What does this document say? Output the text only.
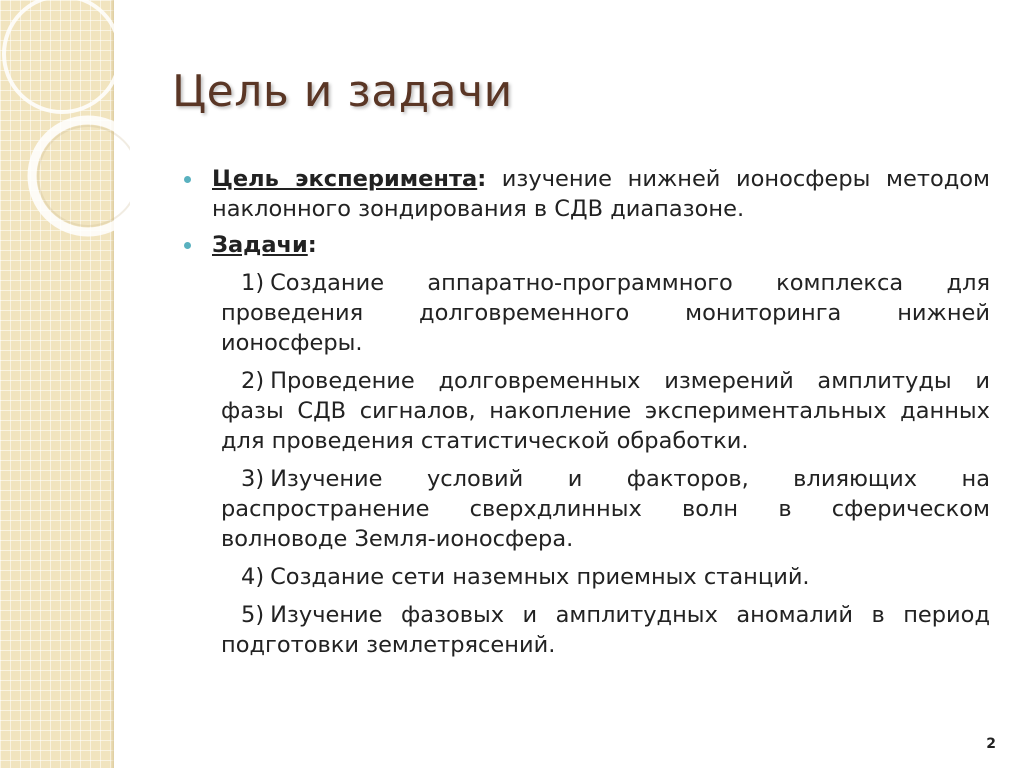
Цель и задачи
Цель эксперимента: изучение нижней ионосферы методом наклонного зондирования в СДВ диапазоне.
Задачи:

1) Создание аппаратно-программного комплекса для проведения долговременного мониторинга нижней ионосферы.

2) Проведение долговременных измерений амплитуды и фазы СДВ сигналов, накопление экспериментальных данных для проведения статистической обработки.

3) Изучение условий и факторов, влияющих на распространение сверхдлинных волн в сферическом волноводе Земля-ионосфера.

4) Создание сети наземных приемных станций.

5) Изучение фазовых и амплитудных аномалий в период подготовки землетрясений.

2
